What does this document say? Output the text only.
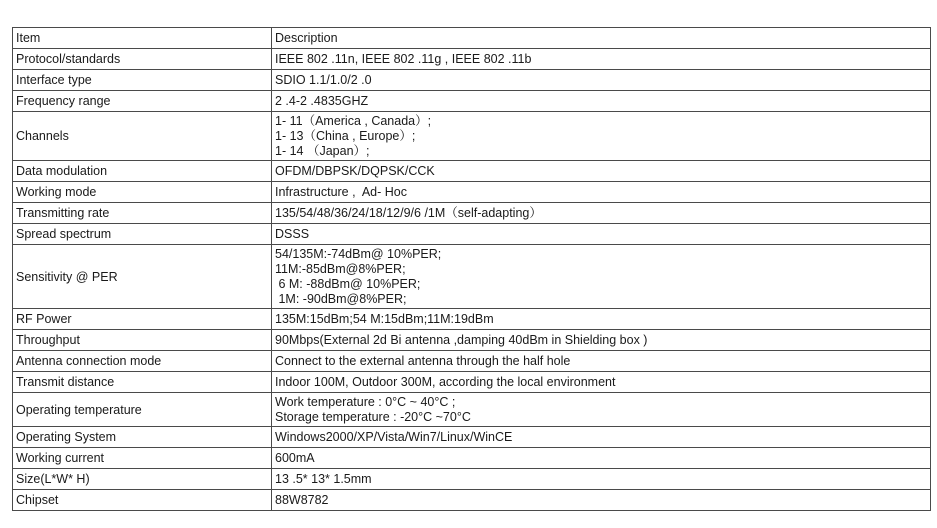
Item	Description

Protocol/standards	IEEE 802 .11n, IEEE 802 .11g , IEEE 802 .11b

Interface type	SDIO 1.1/1.0/2 .0

Frequency range	2 .4-2 .4835GHZ

Channels	1- 11（America , Canada）;
1- 13（China , Europe）;
1- 14 （Japan）;

Data modulation	OFDM/DBPSK/DQPSK/CCK

Working mode	Infrastructure ,  Ad- Hoc

Transmitting rate	135/54/48/36/24/18/12/9/6 /1M（self-adapting）

Spread spectrum	DSSS

Sensitivity @ PER	54/135M:-74dBm@ 10%PER;
11M:-85dBm@8%PER;
6 M: -88dBm@ 10%PER;
1M: -90dBm@8%PER;

RF Power	135M:15dBm;54 M:15dBm;11M:19dBm

Throughput	90Mbps(External 2d Bi antenna ,damping 40dBm in Shielding box )

Antenna connection mode	Connect to the external antenna through the half hole

Transmit distance	Indoor 100M, Outdoor 300M, according the local environment

Operating temperature	Work temperature : 0°C ~ 40°C ;
Storage temperature : -20°C ~70°C

Operating System	Windows2000/XP/Vista/Win7/Linux/WinCE

Working current	600mA

Size(L*W* H)	13 .5* 13* 1.5mm

Chipset	88W8782
